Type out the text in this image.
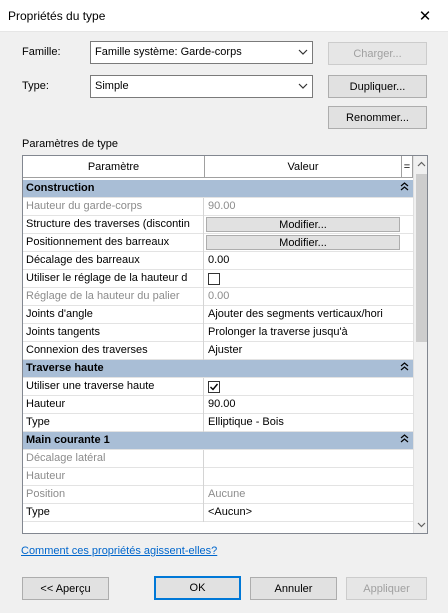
Propriétés du type	✕
Famille:	Famille système: Garde-corps	Charger...
Type:	Simple	Dupliquer...
Renommer...
Paramètres de type
Paramètre	Valeur	=
Construction
Hauteur du garde-corps	90.00
Structure des traverses (discontin	Modifier...
Positionnement des barreaux	Modifier...
Décalage des barreaux	0.00
Utiliser le réglage de la hauteur d
Réglage de la hauteur du palier	0.00
Joints d'angle	Ajouter des segments verticaux/hori
Joints tangents	Prolonger la traverse jusqu'à
Connexion des traverses	Ajuster
Traverse haute
Utiliser une traverse haute
Hauteur	90.00
Type	Elliptique - Bois
Main courante 1
Décalage latéral
Hauteur
Position	Aucune
Type	<Aucun>
Comment ces propriétés agissent-elles?
<< Aperçu	OK	Annuler	Appliquer
